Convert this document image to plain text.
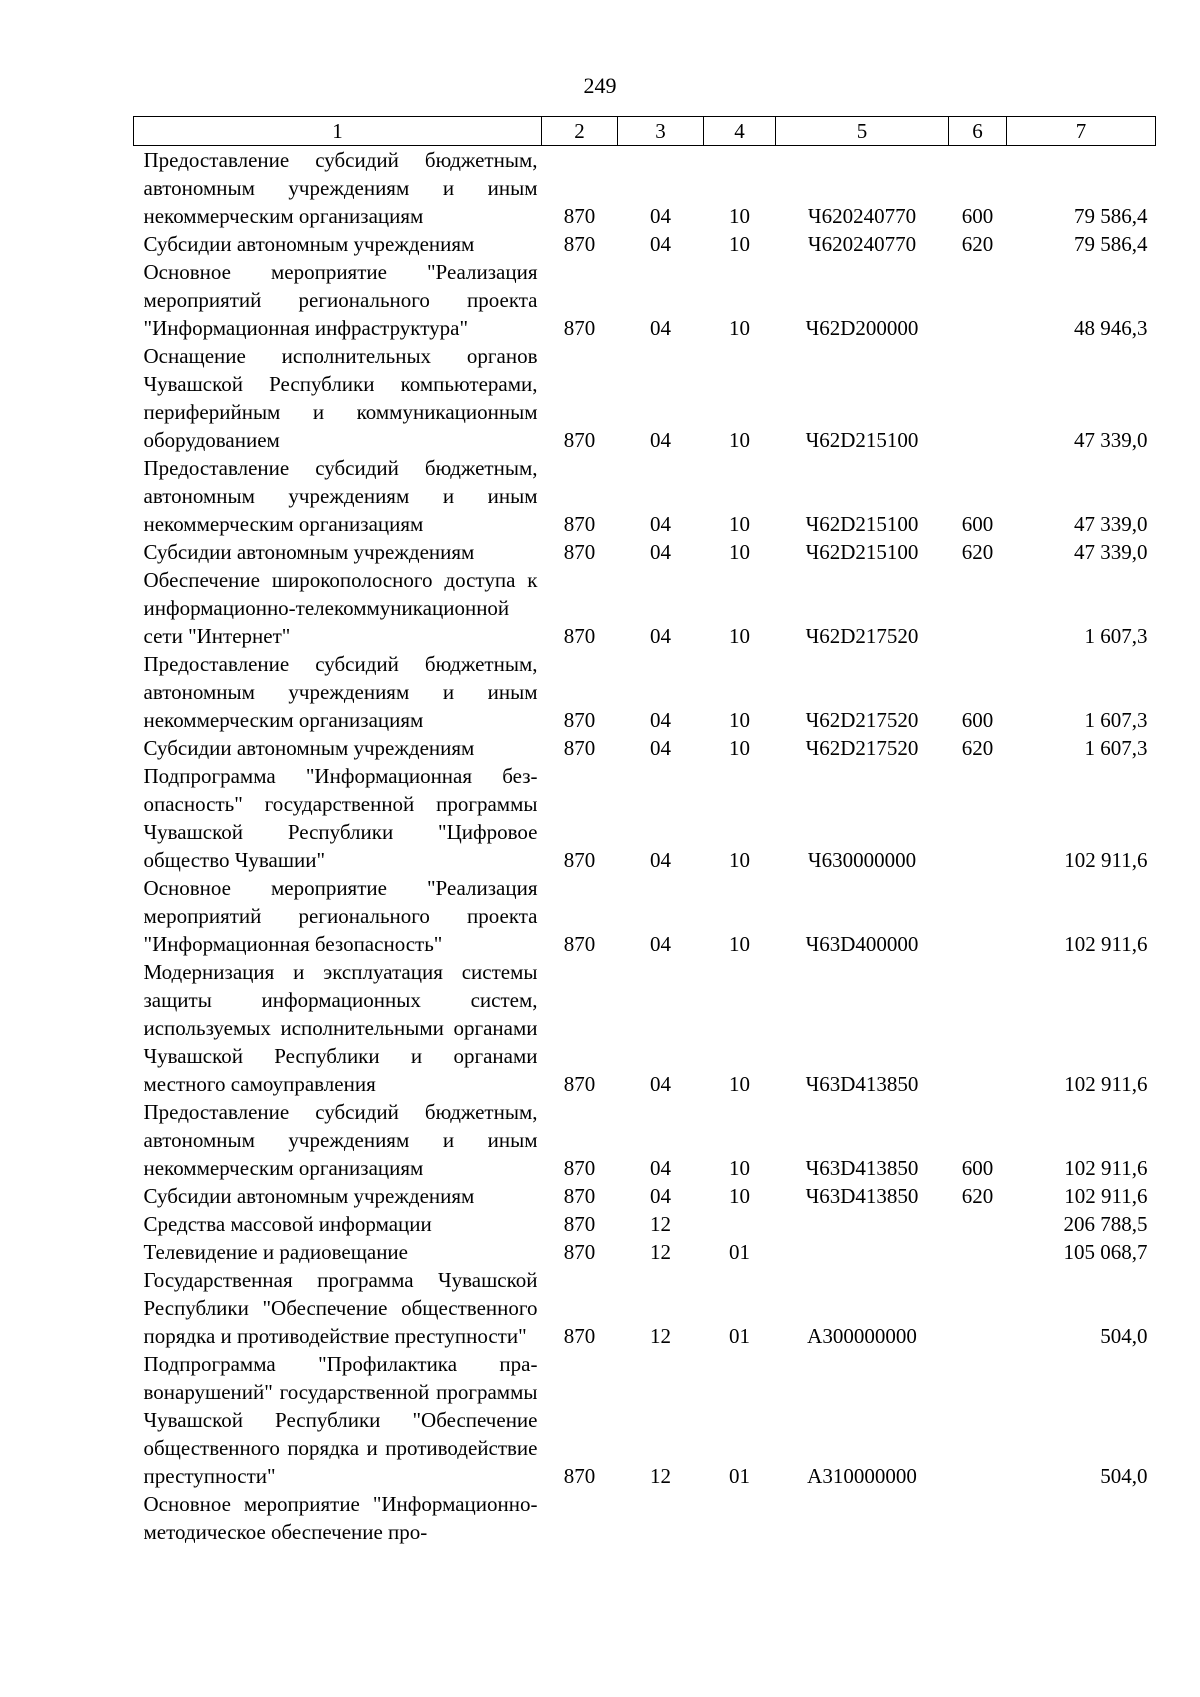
249
1	2	3	4	5	6	7
Предоставление субсидий бюджетным, автономным учреждениям и иным некоммерческим организациям	870	04	10	Ч620240770	600	79 586,4
Субсидии автономным учреждениям	870	04	10	Ч620240770	620	79 586,4
Основное мероприятие "Реализация мероприятий регионального проекта "Информационная инфраструктура"	870	04	10	Ч62D200000		48 946,3
Оснащение исполнительных органов Чувашской Республики компьютерами, периферийным и коммуникационным оборудованием	870	04	10	Ч62D215100		47 339,0
Предоставление субсидий бюджетным, автономным учреждениям и иным некоммерческим организациям	870	04	10	Ч62D215100	600	47 339,0
Субсидии автономным учреждениям	870	04	10	Ч62D215100	620	47 339,0
Обеспечение широкополосного доступа к информационно-телекоммуникационной сети "Интернет"	870	04	10	Ч62D217520		1 607,3
Предоставление субсидий бюджетным, автономным учреждениям и иным некоммерческим организациям	870	04	10	Ч62D217520	600	1 607,3
Субсидии автономным учреждениям	870	04	10	Ч62D217520	620	1 607,3
Подпрограмма "Информационная безопасность" государственной программы Чувашской Республики "Цифровое общество Чувашии"	870	04	10	Ч630000000		102 911,6
Основное мероприятие "Реализация мероприятий регионального проекта "Информационная безопасность"	870	04	10	Ч63D400000		102 911,6
Модернизация и эксплуатация системы защиты информационных систем, используемых исполнительными органами Чувашской Республики и органами местного самоуправления	870	04	10	Ч63D413850		102 911,6
Предоставление субсидий бюджетным, автономным учреждениям и иным некоммерческим организациям	870	04	10	Ч63D413850	600	102 911,6
Субсидии автономным учреждениям	870	04	10	Ч63D413850	620	102 911,6
Средства массовой информации	870	12				206 788,5
Телевидение и радиовещание	870	12	01			105 068,7
Государственная программа Чувашской Республики "Обеспечение общественного порядка и противодействие преступности"	870	12	01	A300000000		504,0
Подпрограмма "Профилактика правонарушений" государственной программы Чувашской Республики "Обеспечение общественного порядка и противодействие преступности"	870	12	01	A310000000		504,0
Основное мероприятие "Информационно-методическое обеспечение про-						
